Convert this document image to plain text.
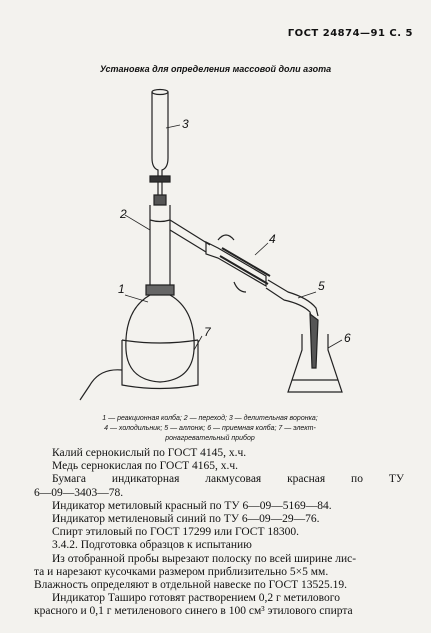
ГОСТ 24874—91 С. 5
Установка для определения массовой доли азота
3
2
4
1	5
6
7
1 — реакционная колба; 2 — переход; 3 — делительная воронка;
4 — холодильник; 5 — аллонж; 6 — приемная колба; 7 — элект-
ронагревательный прибор

Калий сернокислый по ГОСТ 4145, х.ч.

Медь сернокислая по ГОСТ 4165, х.ч.

Бумага индикаторная лакмусовая красная по ТУ

6—09—3403—78.

Индикатор метиловый красный по ТУ 6—09—5169—84.

Индикатор метиленовый синий по ТУ 6—09—29—76.

Спирт этиловый по ГОСТ 17299 или ГОСТ 18300.

3.4.2. Подготовка образцов к испытанию

Из отобранной пробы вырезают полоску по всей ширине лис-

та и нарезают кусочками размером приблизительно 5×5 мм.

Влажность определяют в отдельной навеске по ГОСТ 13525.19.

Индикатор Таширо готовят растворением 0,2 г метилового

красного и 0,1 г метиленового синего в 100 см³ этилового спирта
